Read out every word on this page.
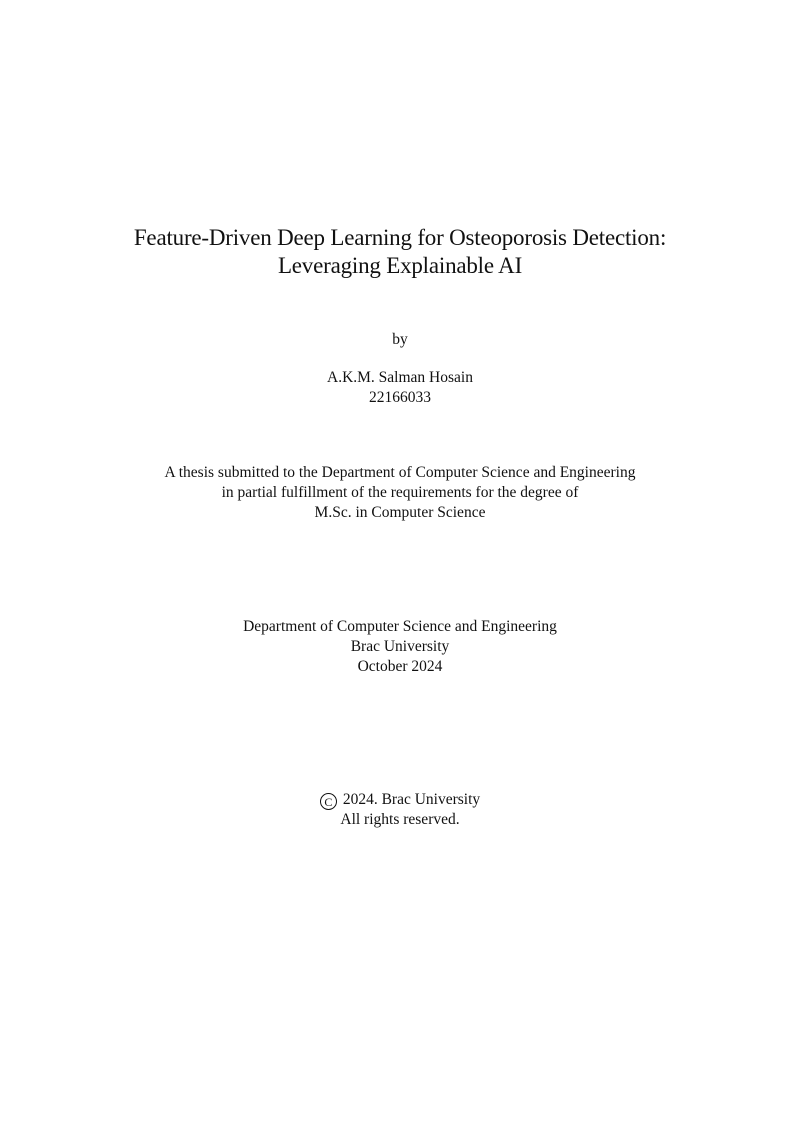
Feature-Driven Deep Learning for Osteoporosis Detection:
Leveraging Explainable AI
by
A.K.M. Salman Hosain
22166033
A thesis submitted to the Department of Computer Science and Engineering
in partial fulfillment of the requirements for the degree of
M.Sc. in Computer Science
Department of Computer Science and Engineering
Brac University
October 2024
C 2024. Brac University
All rights reserved.
